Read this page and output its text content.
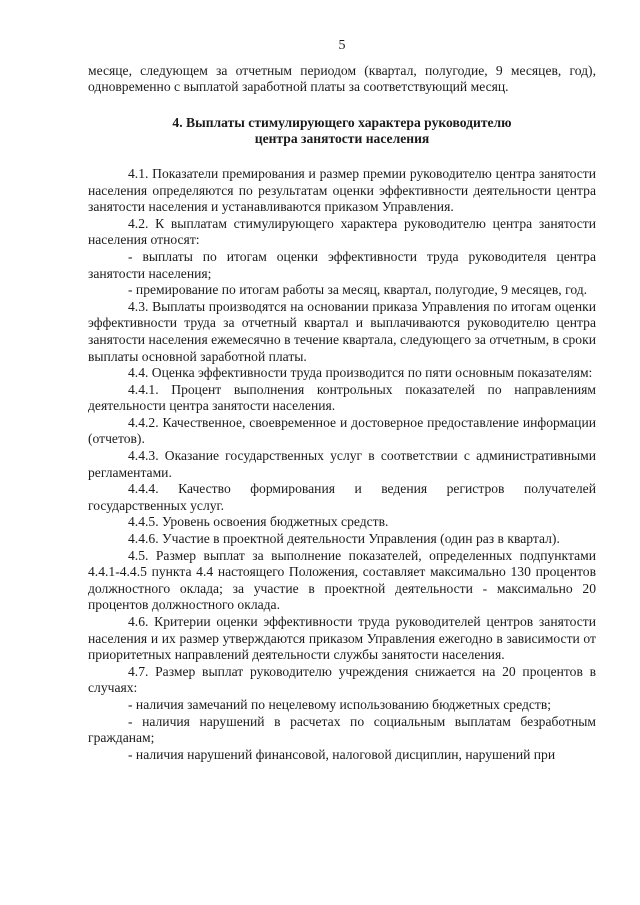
5

месяце, следующем за отчетным периодом (квартал, полугодие, 9 месяцев, год), одновременно с выплатой заработной платы за соответствующий месяц.

4. Выплаты стимулирующего характера руководителю
центра занятости населения

4.1. Показатели премирования и размер премии руководителю центра занятости населения определяются по результатам оценки эффективности деятельности центра занятости населения и устанавливаются приказом Управления.

4.2. К выплатам стимулирующего характера руководителю центра занятости населения относят:

- выплаты по итогам оценки эффективности труда руководителя центра занятости населения;

- премирование по итогам работы за месяц, квартал, полугодие, 9 месяцев, год.

4.3. Выплаты производятся на основании приказа Управления по итогам оценки эффективности труда за отчетный квартал и выплачиваются руководителю центра занятости населения ежемесячно в течение квартала, следующего за отчетным, в сроки выплаты основной заработной платы.

4.4. Оценка эффективности труда производится по пяти основным показателям:

4.4.1. Процент выполнения контрольных показателей по направлениям деятельности центра занятости населения.

4.4.2. Качественное, своевременное и достоверное предоставление информации (отчетов).

4.4.3. Оказание государственных услуг в соответствии с административными регламентами.

4.4.4. Качество формирования и ведения регистров получателей государственных услуг.

4.4.5. Уровень освоения бюджетных средств.

4.4.6. Участие в проектной деятельности Управления (один раз в квартал).

4.5. Размер выплат за выполнение показателей, определенных подпунктами 4.4.1-4.4.5 пункта 4.4 настоящего Положения, составляет максимально 130 процентов должностного оклада; за участие в проектной деятельности - максимально 20 процентов должностного оклада.

4.6. Критерии оценки эффективности труда руководителей центров занятости населения и их размер утверждаются приказом Управления ежегодно в зависимости от приоритетных направлений деятельности службы занятости населения.

4.7. Размер выплат руководителю учреждения снижается на 20 процентов в случаях:

- наличия замечаний по нецелевому использованию бюджетных средств;

- наличия нарушений в расчетах по социальным выплатам безработным гражданам;

- наличия нарушений финансовой, налоговой дисциплин, нарушений при
